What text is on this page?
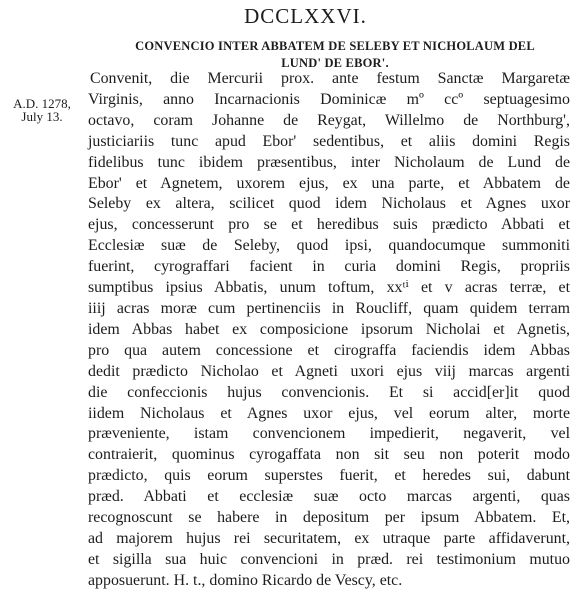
DCCLXXVI.
CONVENCIO INTER ABBATEM DE SELEBY ET NICHOLAUM DEL
LUND' DE EBOR'.
A.D. 1278,
July 13.
Convenit, die Mercurii prox. ante festum Sanctæ Margaretæ
Virginis, anno Incarnacionis Dominicæ mº ccº septuagesimo
octavo, coram Johanne de Reygat, Willelmo de Northburg',
justiciariis tunc apud Ebor' sedentibus, et aliis domini Regis
fidelibus tunc ibidem præsentibus, inter Nicholaum de Lund de
Ebor' et Agnetem, uxorem ejus, ex una parte, et Abbatem de
Seleby ex altera, scilicet quod idem Nicholaus et Agnes uxor
ejus, concesserunt pro se et heredibus suis prædicto Abbati et
Ecclesiæ suæ de Seleby, quod ipsi, quandocumque summoniti
fuerint, cyrograffari facient in curia domini Regis, propriis
sumptibus ipsius Abbatis, unum toftum, xxᵗⁱ et v acras terræ, et
iiij acras moræ cum pertinenciis in Roucliff, quam quidem terram
idem Abbas habet ex composicione ipsorum Nicholai et Agnetis,
pro qua autem concessione et cirograffa faciendis idem Abbas
dedit prædicto Nicholao et Agneti uxori ejus viij marcas argenti
die confeccionis hujus convencionis. Et si accid[er]it quod
iidem Nicholaus et Agnes uxor ejus, vel eorum alter, morte
præveniente, istam convencionem impedierit, negaverit, vel
contraierit, quominus cyrogaffata non sit seu non poterit modo
prædicto, quis eorum superstes fuerit, et heredes sui, dabunt
præd. Abbati et ecclesiæ suæ octo marcas argenti, quas
recognoscunt se habere in depositum per ipsum Abbatem. Et,
ad majorem hujus rei securitatem, ex utraque parte affidaverunt,
et sigilla sua huic convencioni in præd. rei testimonium mutuo
apposuerunt. H. t., domino Ricardo de Vescy, etc.
